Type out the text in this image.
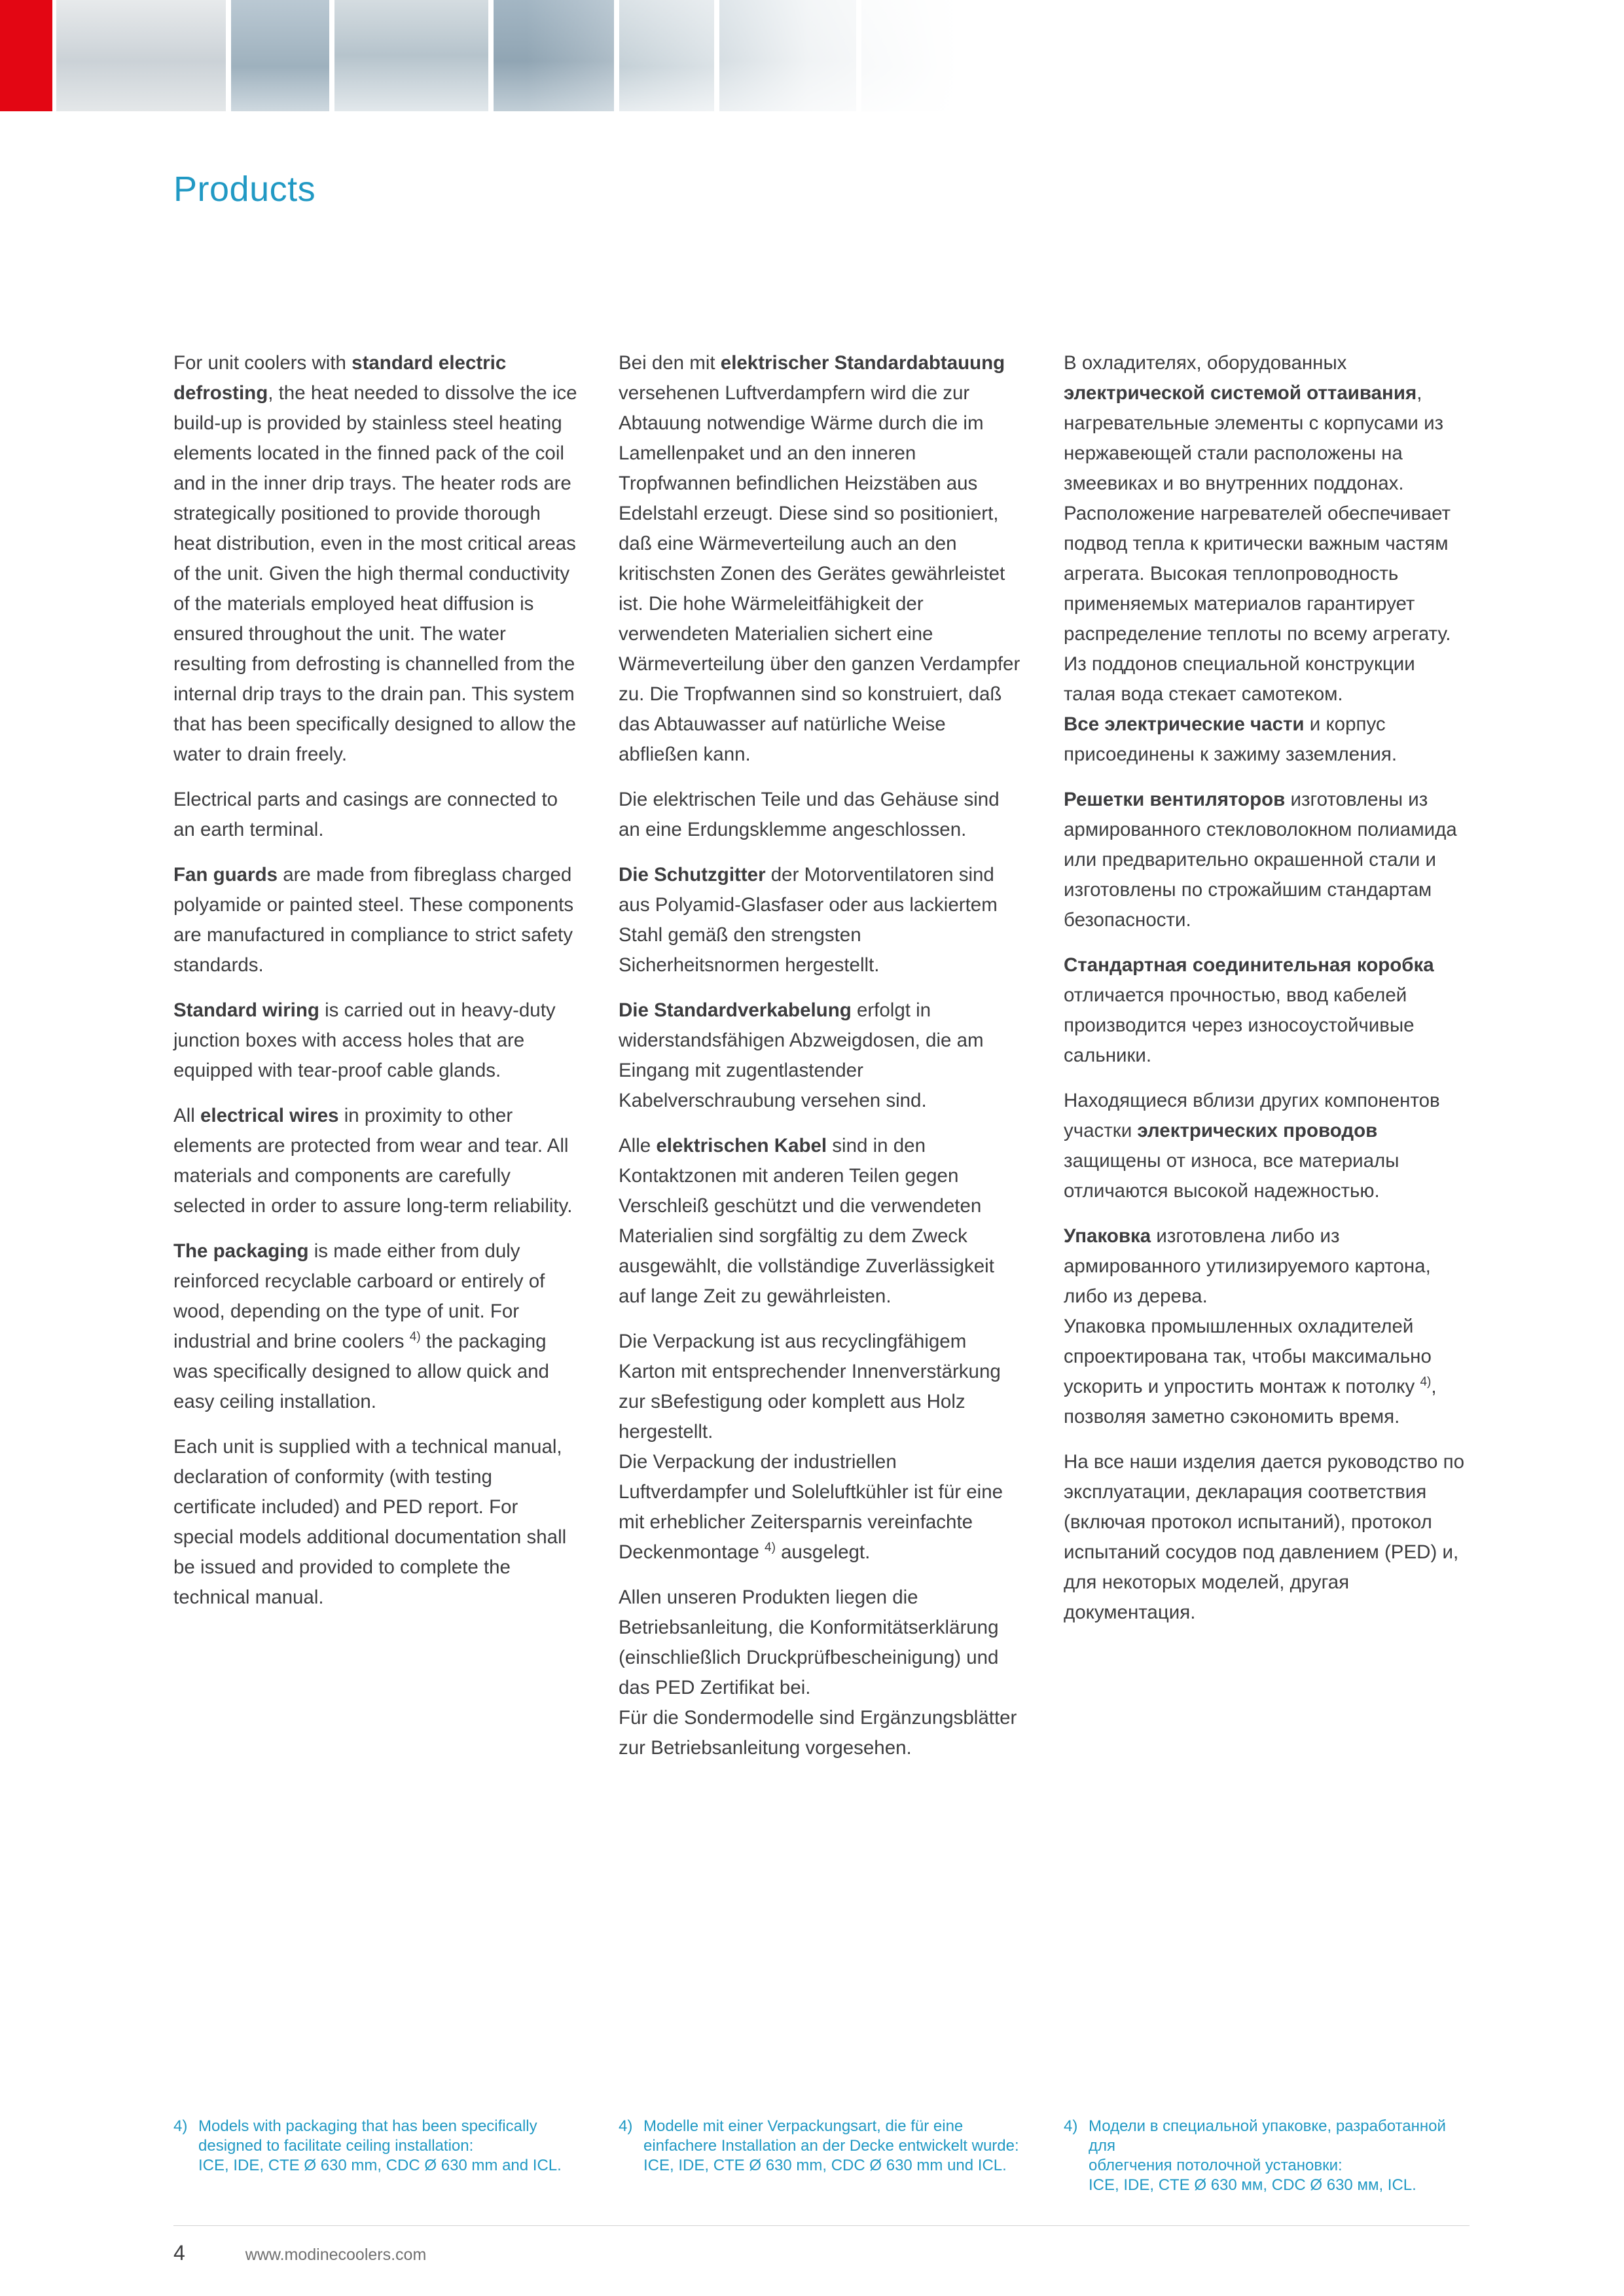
Products

For unit coolers with standard electric defrosting, the heat needed to dissolve the ice build-up is provided by stainless steel heating elements located in the finned pack of the coil and in the inner drip trays. The heater rods are strategically positioned to provide thorough heat distribution, even in the most critical areas of the unit. Given the high thermal conductivity of the materials employed heat diffusion is ensured throughout the unit. The water resulting from defrosting is channelled from the internal drip trays to the drain pan. This system that has been specifically designed to allow the water to drain freely.

Electrical parts and casings are connected to an earth terminal.

Fan guards are made from fibreglass charged polyamide or painted steel. These components are manufactured in compliance to strict safety standards.

Standard wiring is carried out in heavy-duty junction boxes with access holes that are equipped with tear-proof cable glands.

All electrical wires in proximity to other elements are protected from wear and tear. All materials and components are carefully selected in order to assure long-term reliability.

The packaging is made either from duly reinforced recyclable carboard or entirely of wood, depending on the type of unit. For industrial and brine coolers $^{4)}$ the packaging was specifically designed to allow quick and easy ceiling installation.

Each unit is supplied with a technical manual, declaration of conformity (with testing certificate included) and PED report. For special models additional documentation shall be issued and provided to complete the technical manual.

Bei den mit elektrischer Standardabtauung versehenen Luftverdampfern wird die zur Abtauung notwendige Wärme durch die im Lamellenpaket und an den inneren Tropfwannen befindlichen Heizstäben aus Edelstahl erzeugt. Diese sind so positioniert, daß eine Wärmeverteilung auch an den kritischsten Zonen des Gerätes gewährleistet ist. Die hohe Wärmeleitfähigkeit der verwendeten Materialien sichert eine Wärmeverteilung über den ganzen Verdampfer zu. Die Tropfwannen sind so konstruiert, daß das Abtauwasser auf natürliche Weise abfließen kann.

Die elektrischen Teile und das Gehäuse sind an eine Erdungsklemme angeschlossen.

Die Schutzgitter der Motorventilatoren sind aus Polyamid-Glasfaser oder aus lackiertem Stahl gemäß den strengsten Sicherheitsnormen hergestellt.

Die Standardverkabelung erfolgt in widerstandsfähigen Abzweigdosen, die am Eingang mit zugentlastender Kabelverschraubung versehen sind.

Alle elektrischen Kabel sind in den Kontaktzonen mit anderen Teilen gegen Verschleiß geschützt und die verwendeten Materialien sind sorgfältig zu dem Zweck ausgewählt, die vollständige Zuverlässigkeit auf lange Zeit zu gewährleisten.

Die Verpackung ist aus recyclingfähigem Karton mit entsprechender Innenverstärkung zur sBefestigung oder komplett aus Holz hergestellt.
Die Verpackung der industriellen Luftverdampfer und Soleluftkühler ist für eine mit erheblicher Zeitersparnis vereinfachte Deckenmontage $^{4)}$ ausgelegt.

Allen unseren Produkten liegen die Betriebsanleitung, die Konformitätserklärung (einschließlich Druckprüfbescheinigung) und das PED Zertifikat bei.
Für die Sondermodelle sind Ergänzungsblätter zur Betriebsanleitung vorgesehen.

В охладителях, оборудованных электрической системой оттаивания, нагревательные элементы с корпусами из нержавеющей стали расположены на змеевиках и во внутренних поддонах. Расположение нагревателей обеспечивает подвод тепла к критически важным частям агрегата. Высокая теплопроводность применяемых материалов гарантирует распределение теплоты по всему агрегату. Из поддонов специальной конструкции талая вода стекает самотеком.
Все электрические части и корпус присоединены к зажиму заземления.

Решетки вентиляторов изготовлены из армированного стекловолокном полиамида или предварительно окрашенной стали и изготовлены по строжайшим стандартам безопасности.

Стандартная соединительная коробка отличается прочностью, ввод кабелей производится через износоустойчивые сальники.

Находящиеся вблизи других компонентов участки электрических проводов защищены от износа, все материалы отличаются высокой надежностью.

Упаковка изготовлена либо из армированного утилизируемого картона, либо из дерева.
Упаковка промышленных охладителей спроектирована так, чтобы максимально ускорить и упростить монтаж к потолку $^{4)}$, позволяя заметно сэкономить время.

На все наши изделия дается руководство по эксплуатации, декларация соответствия (включая протокол испытаний), протокол испытаний сосудов под давлением (PED) и, для некоторых моделей, другая документация.

4) Models with packaging that has been specifically
designed to facilitate ceiling installation:
ICE, IDE, CTE Ø 630 mm, CDC Ø 630 mm and ICL.
4) Modelle mit einer Verpackungsart, die für eine
einfachere Installation an der Decke entwickelt wurde:
ICE, IDE, CTE Ø 630 mm, CDC Ø 630 mm und ICL.
4) Модели в специальной упаковке, разработанной для
облегчения потолочной установки:
ICE, IDE, CTE Ø 630 мм, CDC Ø 630 мм, ICL.
4	www.modinecoolers.com
